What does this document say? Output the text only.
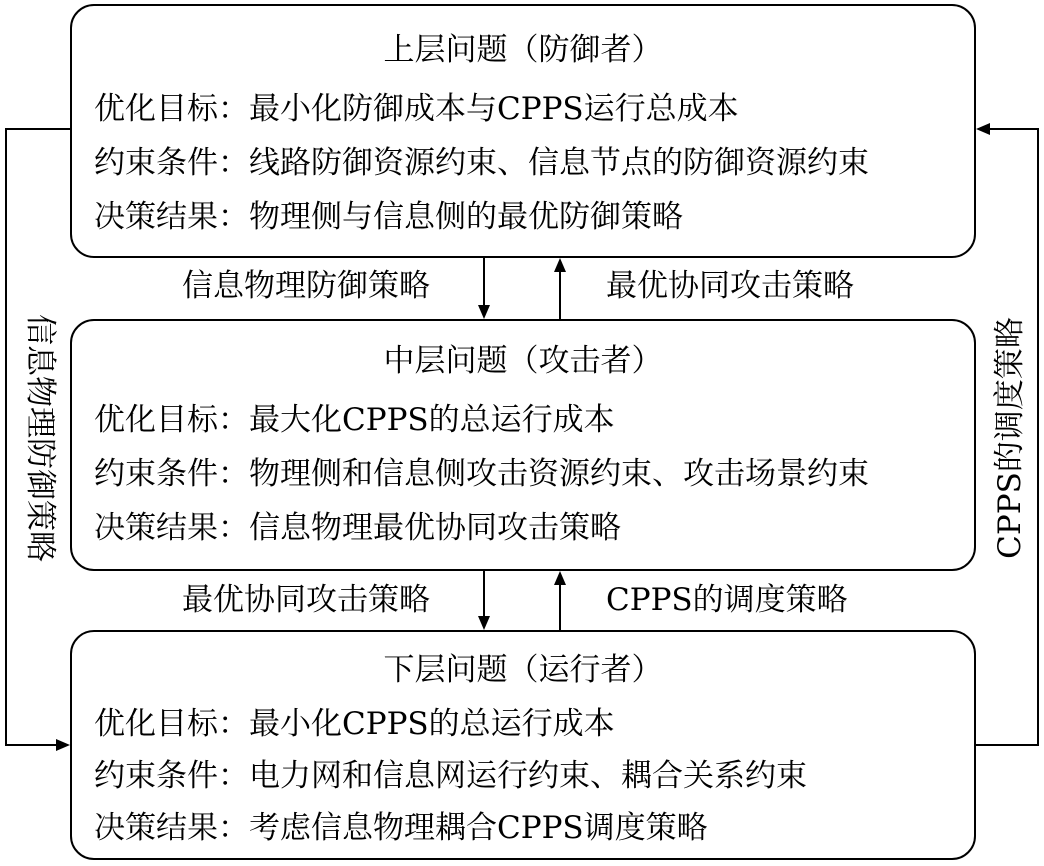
上层问题（防御者）
优化目标：最小化防御成本与CPPS运行总成本
约束条件：线路防御资源约束、信息节点的防御资源约束
决策结果：物理侧与信息侧的最优防御策略
中层问题（攻击者）
优化目标：最大化CPPS的总运行成本
约束条件：物理侧和信息侧攻击资源约束、攻击场景约束
决策结果：信息物理最优协同攻击策略
下层问题（运行者）
优化目标：最小化CPPS的总运行成本
约束条件：电力网和信息网运行约束、耦合关系约束
决策结果：考虑信息物理耦合CPPS调度策略
信息物理防御策略	最优协同攻击策略
最优协同攻击策略	CPPS的调度策略
信息物理防御策略	CPPS的调度策略
